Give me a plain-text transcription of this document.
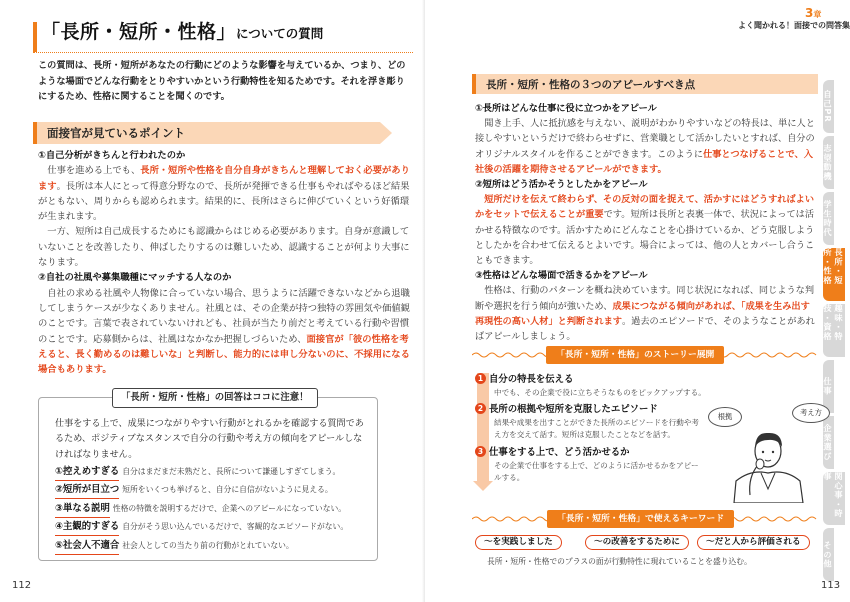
「長所・短所・性格」についての質問
この質問は、長所・短所があなたの行動にどのような影響を与えているか、つまり、どのような場面でどんな行動をとりやすいかという行動特性を知るためです。それを浮き彫りにするため、性格に関することを聞くのです。
面接官が見ているポイント
①自己分析がきちんと行われたのか
仕事を進める上でも、長所・短所や性格を自分自身がきちんと理解しておく必要があります。長所は本人にとって得意分野なので、長所が発揮できる仕事もやればやるほど結果がともない、周りからも認められます。結果的に、長所はさらに伸びていくという好循環が生まれます。
一方、短所は自己成長するためにも認識からはじめる必要があります。自身が意識していないことを改善したり、伸ばしたりするのは難しいため、認識することが何より大事になります。
②自社の社風や募集職種にマッチする人なのか
自社の求める社風や人物像に合っていない場合、思うように活躍できないなどから退職してしまうケースが少なくありません。社風とは、その企業が持つ独特の雰囲気や価値観のことです。言葉で表されていないけれども、社員が当たり前だと考えている行動や習慣のことです。応募側からは、社風はなかなか把握しづらいため、面接官が「彼の性格を考えると、長く勤めるのは難しいな」と判断し、能力的には申し分ないのに、不採用になる場合もあります。
「長所・短所・性格」の回答はココに注意！
仕事をする上で、成果につながりやすい行動がとれるかを確認する質問であるため、ポジティブなスタンスで自分の行動や考え方の傾向をアピールしなければなりません。
①控えめすぎる 自分はまだまだ未熟だと、長所について謙遜しすぎてしまう。
②短所が目立つ 短所をいくつも挙げると、自分に自信がないように見える。
③単なる説明 性格の特徴を説明するだけで、企業へのアピールになっていない。
④主観的すぎる 自分がそう思い込んでいるだけで、客観的なエピソードがない。
⑤社会人不適合 社会人としての当たり前の行動がとれていない。
112
3章
よく聞かれる！面接での問答集
自己PR
志望動機
学生時代
長所・短所・性格
趣味・特技・資格
仕事
企業選び
関心事・時事
その他
長所・短所・性格の３つのアピールすべき点
①長所はどんな仕事に役に立つかをアピール
聞き上手、人に抵抗感を与えない、説明がわかりやすいなどの特長は、単に人と接しやすいというだけで終わらせずに、営業職として活かしたいとすれば、自分のオリジナルスタイルを作ることができます。このように仕事とつなげることで、入社後の活躍を期待させるアピールができます。
②短所はどう活かそうとしたかをアピール
短所だけを伝えて終わらず、その反対の面を捉えて、活かすにはどうすればよいかをセットで伝えることが重要です。短所は長所と表裏一体で、状況によっては活かせる特徴なのです。活かすためにどんなことを心掛けているか、どう克服しようとしたかを合わせて伝えるとよいです。場合によっては、他の人とカバーし合うこともできます。
③性格はどんな場面で活きるかをアピール
性格は、行動のパターンを概ね決めています。同じ状況になれば、同じような判断や選択を行う傾向が強いため、成果につながる傾向があれば、「成果を生み出す再現性の高い人材」と判断されます。過去のエピソードで、そのようなことがあればアピールしましょう。
「長所・短所・性格」のストーリー展開
1 自分の特長を伝える
中でも、その企業で役に立ちそうなものをピックアップする。
2 長所の根拠や短所を克服したエピソード
結果や成果を出すことができた長所のエピソードを行動や考え方を交えて話す。短所は克服したことなどを話す。
3 仕事をする上で、どう活かせるか
その企業で仕事をする上で、どのように活かせるかをアピールする。
根拠	考え方
「長所・短所・性格」で使えるキーワード
〜を実践しました	〜の改善をするために	〜だと人から評価される
長所・短所・性格でのプラスの面が行動特性に現れていることを盛り込む。
113
